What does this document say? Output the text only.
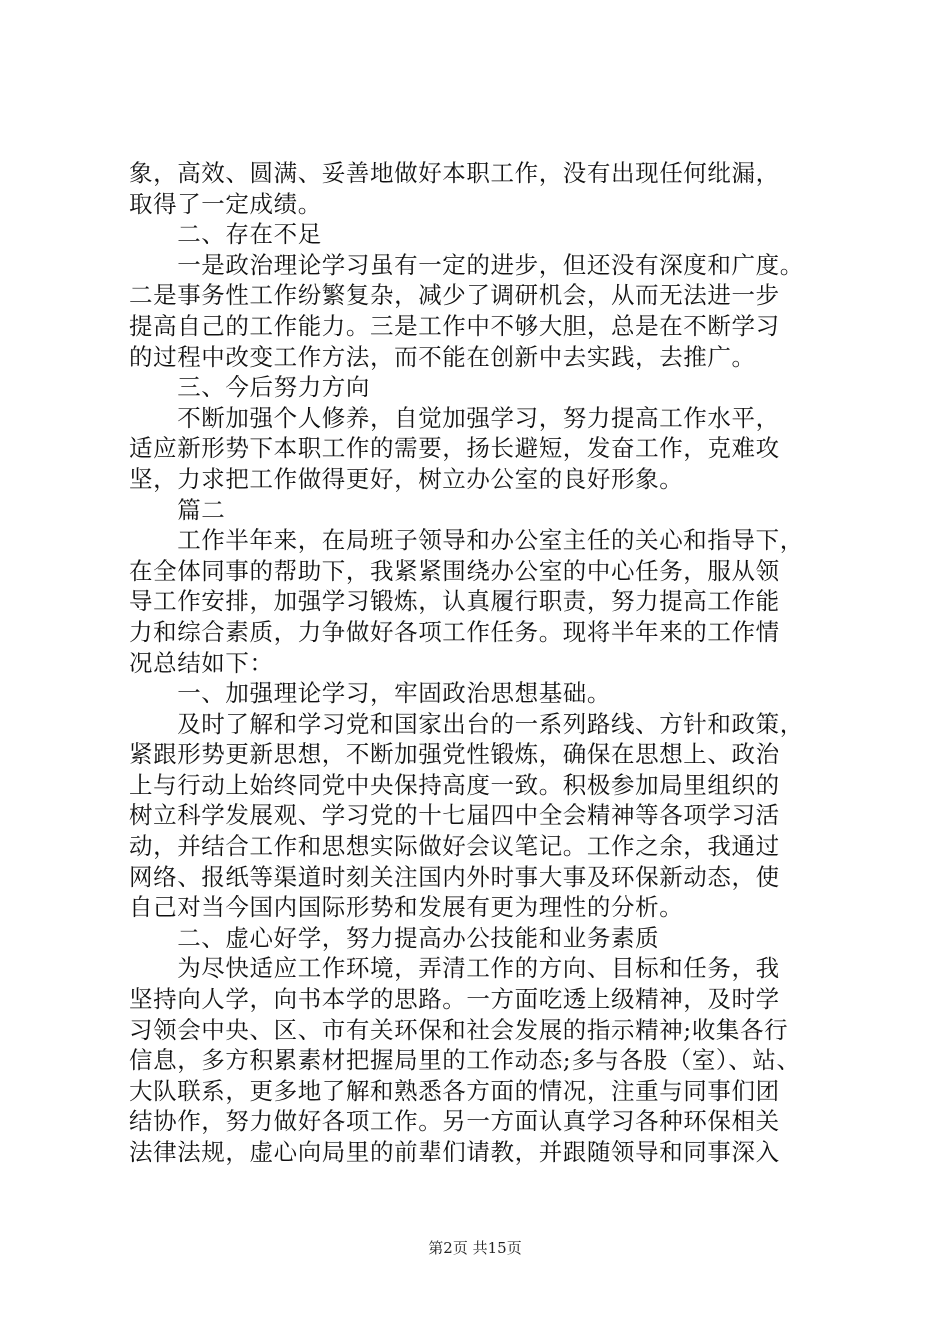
象，高效、圆满、妥善地做好本职工作，没有出现任何纰漏，
取得了一定成绩。
　　二、存在不足
　　一是政治理论学习虽有一定的进步，但还没有深度和广度。
二是事务性工作纷繁复杂，减少了调研机会，从而无法进一步
提高自己的工作能力。三是工作中不够大胆，总是在不断学习
的过程中改变工作方法，而不能在创新中去实践，去推广。
　　三、今后努力方向
　　不断加强个人修养，自觉加强学习，努力提高工作水平，
适应新形势下本职工作的需要，扬长避短，发奋工作，克难攻
坚，力求把工作做得更好，树立办公室的良好形象。
　　篇二
　　工作半年来，在局班子领导和办公室主任的关心和指导下，
在全体同事的帮助下，我紧紧围绕办公室的中心任务，服从领
导工作安排，加强学习锻炼，认真履行职责，努力提高工作能
力和综合素质，力争做好各项工作任务。现将半年来的工作情
况总结如下：
　　一、加强理论学习，牢固政治思想基础。
　　及时了解和学习党和国家出台的一系列路线、方针和政策，
紧跟形势更新思想，不断加强党性锻炼，确保在思想上、政治
上与行动上始终同党中央保持高度一致。积极参加局里组织的
树立科学发展观、学习党的十七届四中全会精神等各项学习活
动，并结合工作和思想实际做好会议笔记。工作之余，我通过
网络、报纸等渠道时刻关注国内外时事大事及环保新动态，使
自己对当今国内国际形势和发展有更为理性的分析。
　　二、虚心好学，努力提高办公技能和业务素质
　　为尽快适应工作环境，弄清工作的方向、目标和任务，我
坚持向人学，向书本学的思路。一方面吃透上级精神，及时学
习领会中央、区、市有关环保和社会发展的指示精神;收集各行
信息，多方积累素材把握局里的工作动态;多与各股（室）、站、
大队联系，更多地了解和熟悉各方面的情况，注重与同事们团
结协作，努力做好各项工作。另一方面认真学习各种环保相关
法律法规，虚心向局里的前辈们请教，并跟随领导和同事深入
第2页 共15页
